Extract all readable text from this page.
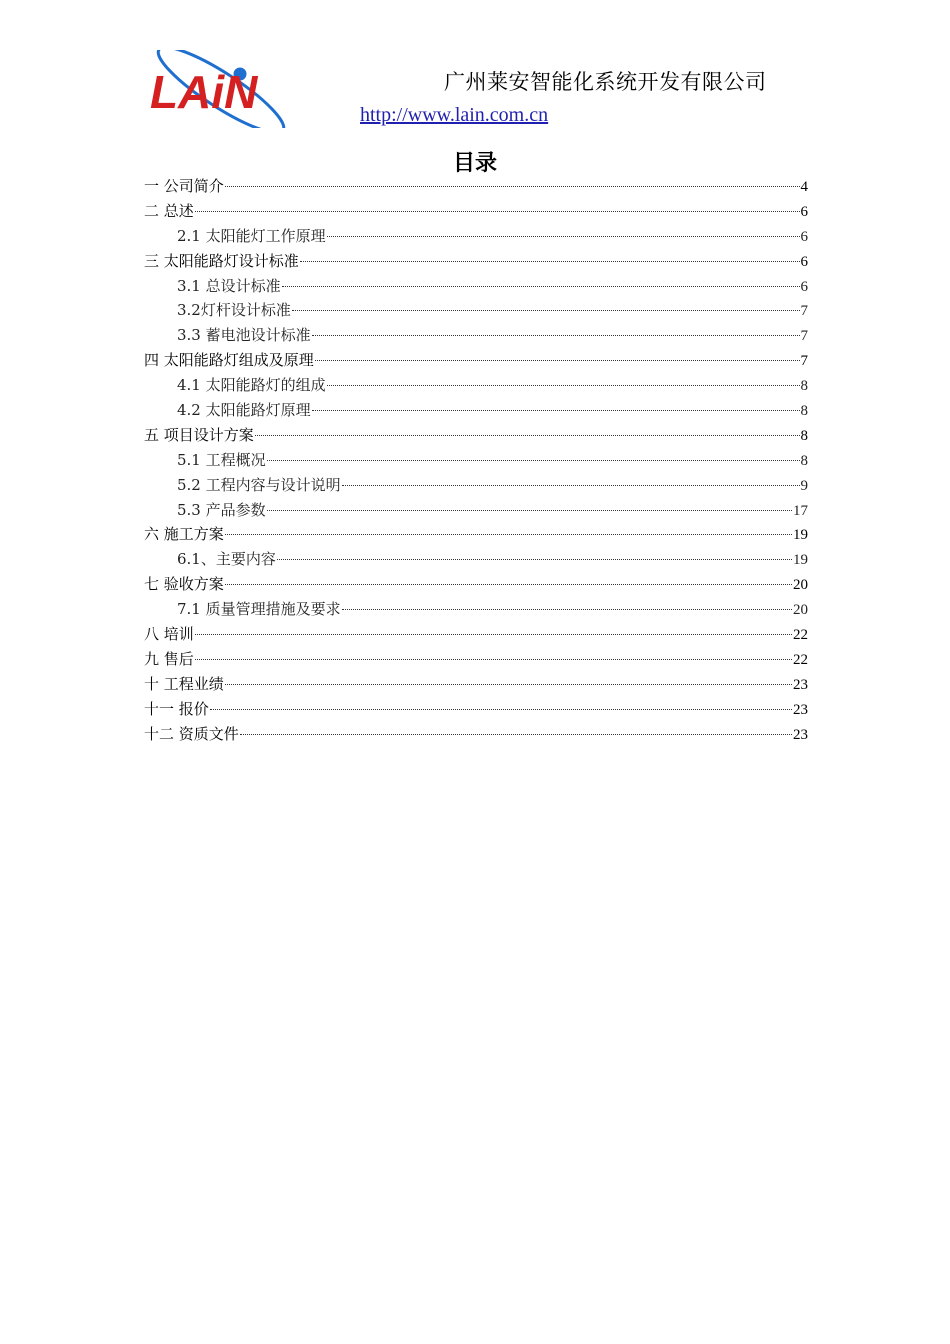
LAiN	广州莱安智能化系统开发有限公司
http://www.lain.com.cn
目录
一 公司简介	4
二 总述	6
2.1 太阳能灯工作原理	6
三 太阳能路灯设计标准	6
3.1 总设计标准	6
3.2灯杆设计标准	7
3.3 蓄电池设计标准	7
四 太阳能路灯组成及原理	7
4.1 太阳能路灯的组成	8
4.2 太阳能路灯原理	8
五 项目设计方案	8
5.1 工程概况	8
5.2 工程内容与设计说明	9
5.3 产品参数	17
六 施工方案	19
6.1、主要内容	19
七 验收方案	20
7.1 质量管理措施及要求	20
八 培训	22
九 售后	22
十 工程业绩	23
十一 报价	23
十二 资质文件	23
